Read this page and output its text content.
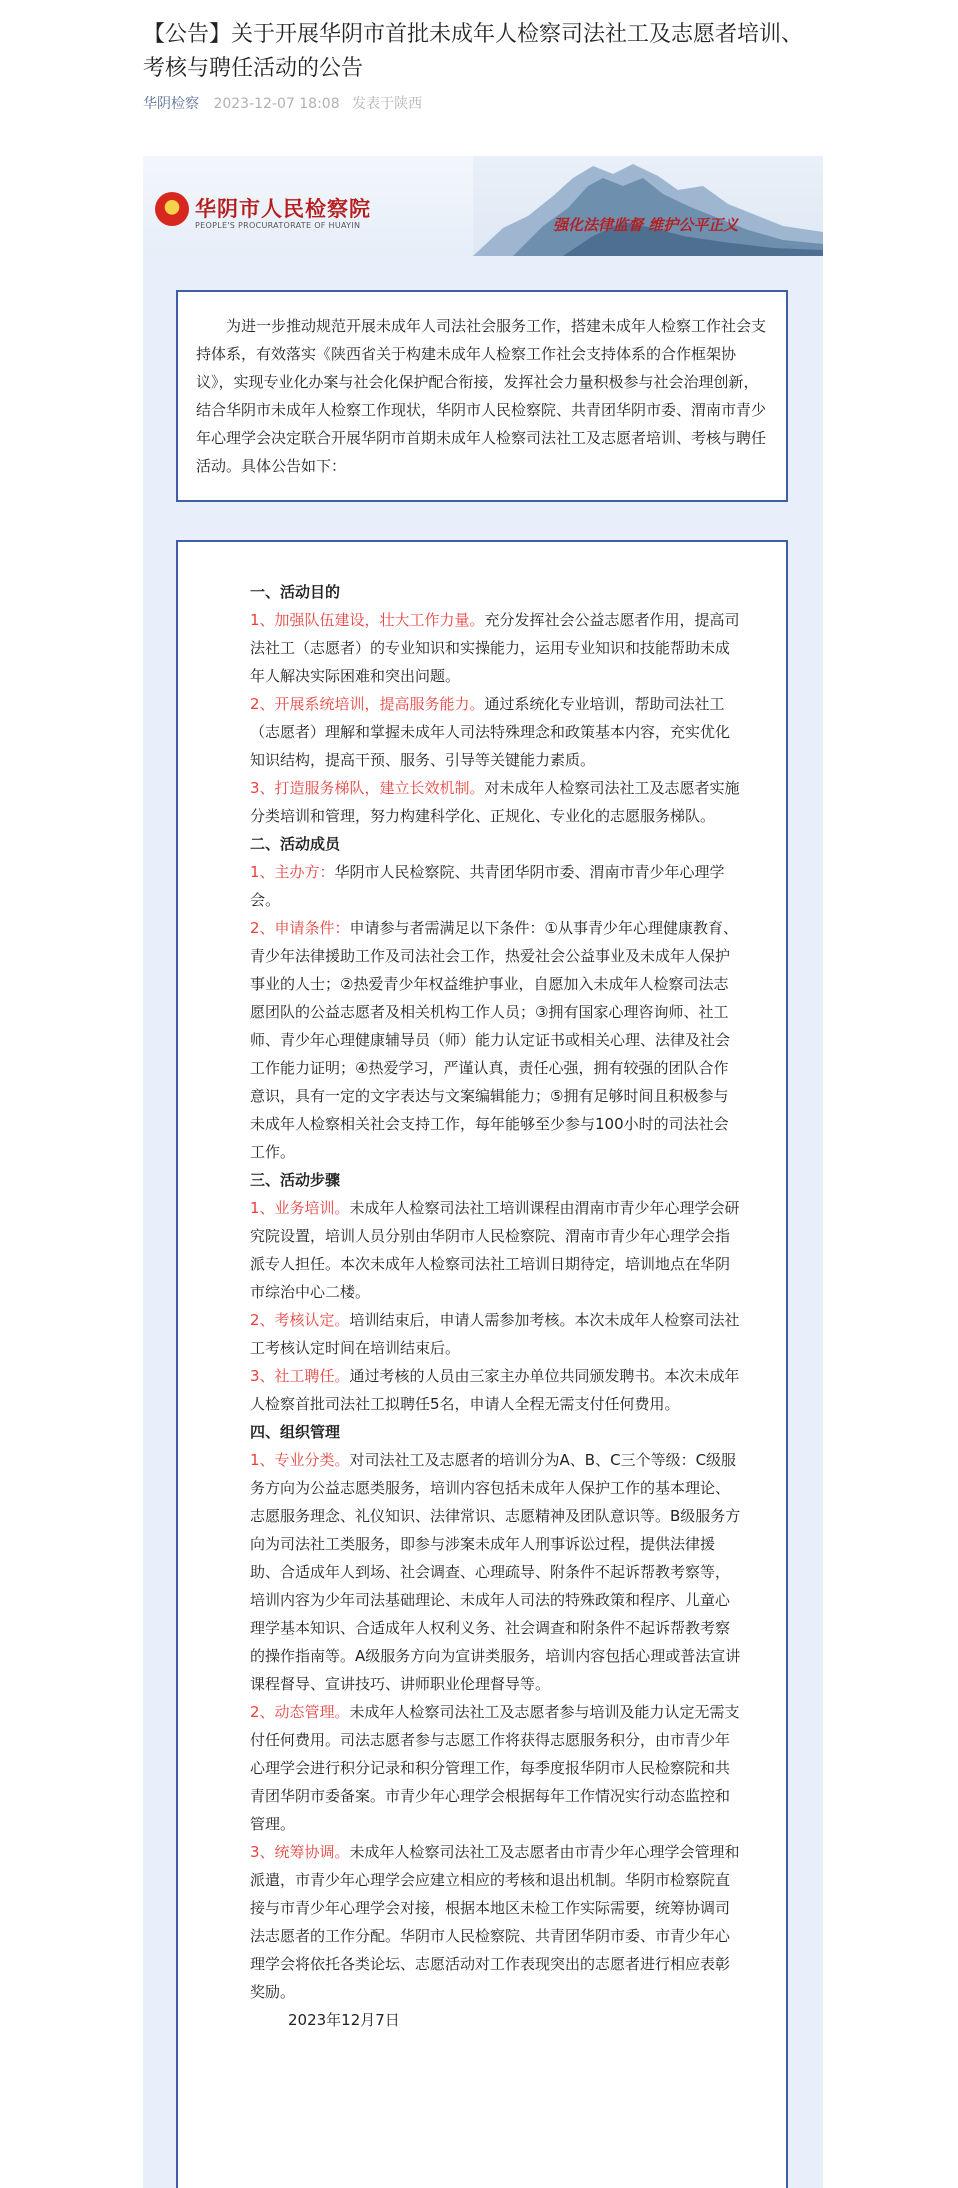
【公告】关于开展华阴市首批未成年人检察司法社工及志愿者培训、考核与聘任活动的公告
华阴检察 2023-12-07 18:08 发表于陕西
华阴市人民检察院
PEOPLE'S PROCURATORATE OF HUAYIN	强化法律监督 维护公平正义

为进一步推动规范开展未成年人司法社会服务工作，搭建未成年人检察工作社会支持体系，有效落实《陕西省关于构建未成年人检察工作社会支持体系的合作框架协议》，实现专业化办案与社会化保护配合衔接，发挥社会力量积极参与社会治理创新，结合华阴市未成年人检察工作现状，华阴市人民检察院、共青团华阴市委、渭南市青少年心理学会决定联合开展华阴市首期未成年人检察司法社工及志愿者培训、考核与聘任活动。具体公告如下：

一、活动目的

1、加强队伍建设，壮大工作力量。充分发挥社会公益志愿者作用，提高司法社工（志愿者）的专业知识和实操能力，运用专业知识和技能帮助未成年人解决实际困难和突出问题。

2、开展系统培训，提高服务能力。通过系统化专业培训，帮助司法社工（志愿者）理解和掌握未成年人司法特殊理念和政策基本内容，充实优化知识结构，提高干预、服务、引导等关键能力素质。

3、打造服务梯队，建立长效机制。对未成年人检察司法社工及志愿者实施分类培训和管理，努力构建科学化、正规化、专业化的志愿服务梯队。

二、活动成员

1、主办方：华阴市人民检察院、共青团华阴市委、渭南市青少年心理学会。

2、申请条件：申请参与者需满足以下条件：①从事青少年心理健康教育、青少年法律援助工作及司法社会工作，热爱社会公益事业及未成年人保护事业的人士；②热爱青少年权益维护事业，自愿加入未成年人检察司法志愿团队的公益志愿者及相关机构工作人员；③拥有国家心理咨询师、社工师、青少年心理健康辅导员（师）能力认定证书或相关心理、法律及社会工作能力证明；④热爱学习，严谨认真，责任心强，拥有较强的团队合作意识，具有一定的文字表达与文案编辑能力；⑤拥有足够时间且积极参与未成年人检察相关社会支持工作，每年能够至少参与100小时的司法社会工作。

三、活动步骤

1、业务培训。未成年人检察司法社工培训课程由渭南市青少年心理学会研究院设置，培训人员分别由华阴市人民检察院、渭南市青少年心理学会指派专人担任。本次未成年人检察司法社工培训日期待定，培训地点在华阴市综治中心二楼。

2、考核认定。培训结束后，申请人需参加考核。本次未成年人检察司法社工考核认定时间在培训结束后。

3、社工聘任。通过考核的人员由三家主办单位共同颁发聘书。本次未成年人检察首批司法社工拟聘任5名，申请人全程无需支付任何费用。

四、组织管理

1、专业分类。对司法社工及志愿者的培训分为A、B、C三个等级：C级服务方向为公益志愿类服务，培训内容包括未成年人保护工作的基本理论、志愿服务理念、礼仪知识、法律常识、志愿精神及团队意识等。B级服务方向为司法社工类服务，即参与涉案未成年人刑事诉讼过程，提供法律援助、合适成年人到场、社会调查、心理疏导、附条件不起诉帮教考察等，培训内容为少年司法基础理论、未成年人司法的特殊政策和程序、儿童心理学基本知识、合适成年人权利义务、社会调查和附条件不起诉帮教考察的操作指南等。A级服务方向为宣讲类服务，培训内容包括心理或普法宣讲课程督导、宣讲技巧、讲师职业伦理督导等。

2、动态管理。未成年人检察司法社工及志愿者参与培训及能力认定无需支付任何费用。司法志愿者参与志愿工作将获得志愿服务积分，由市青少年心理学会进行积分记录和积分管理工作，每季度报华阴市人民检察院和共青团华阴市委备案。市青少年心理学会根据每年工作情况实行动态监控和管理。

3、统筹协调。未成年人检察司法社工及志愿者由市青少年心理学会管理和派遣，市青少年心理学会应建立相应的考核和退出机制。华阴市检察院直接与市青少年心理学会对接，根据本地区未检工作实际需要，统筹协调司法志愿者的工作分配。华阴市人民检察院、共青团华阴市委、市青少年心理学会将依托各类论坛、志愿活动对工作表现突出的志愿者进行相应表彰奖励。

2023年12月7日
